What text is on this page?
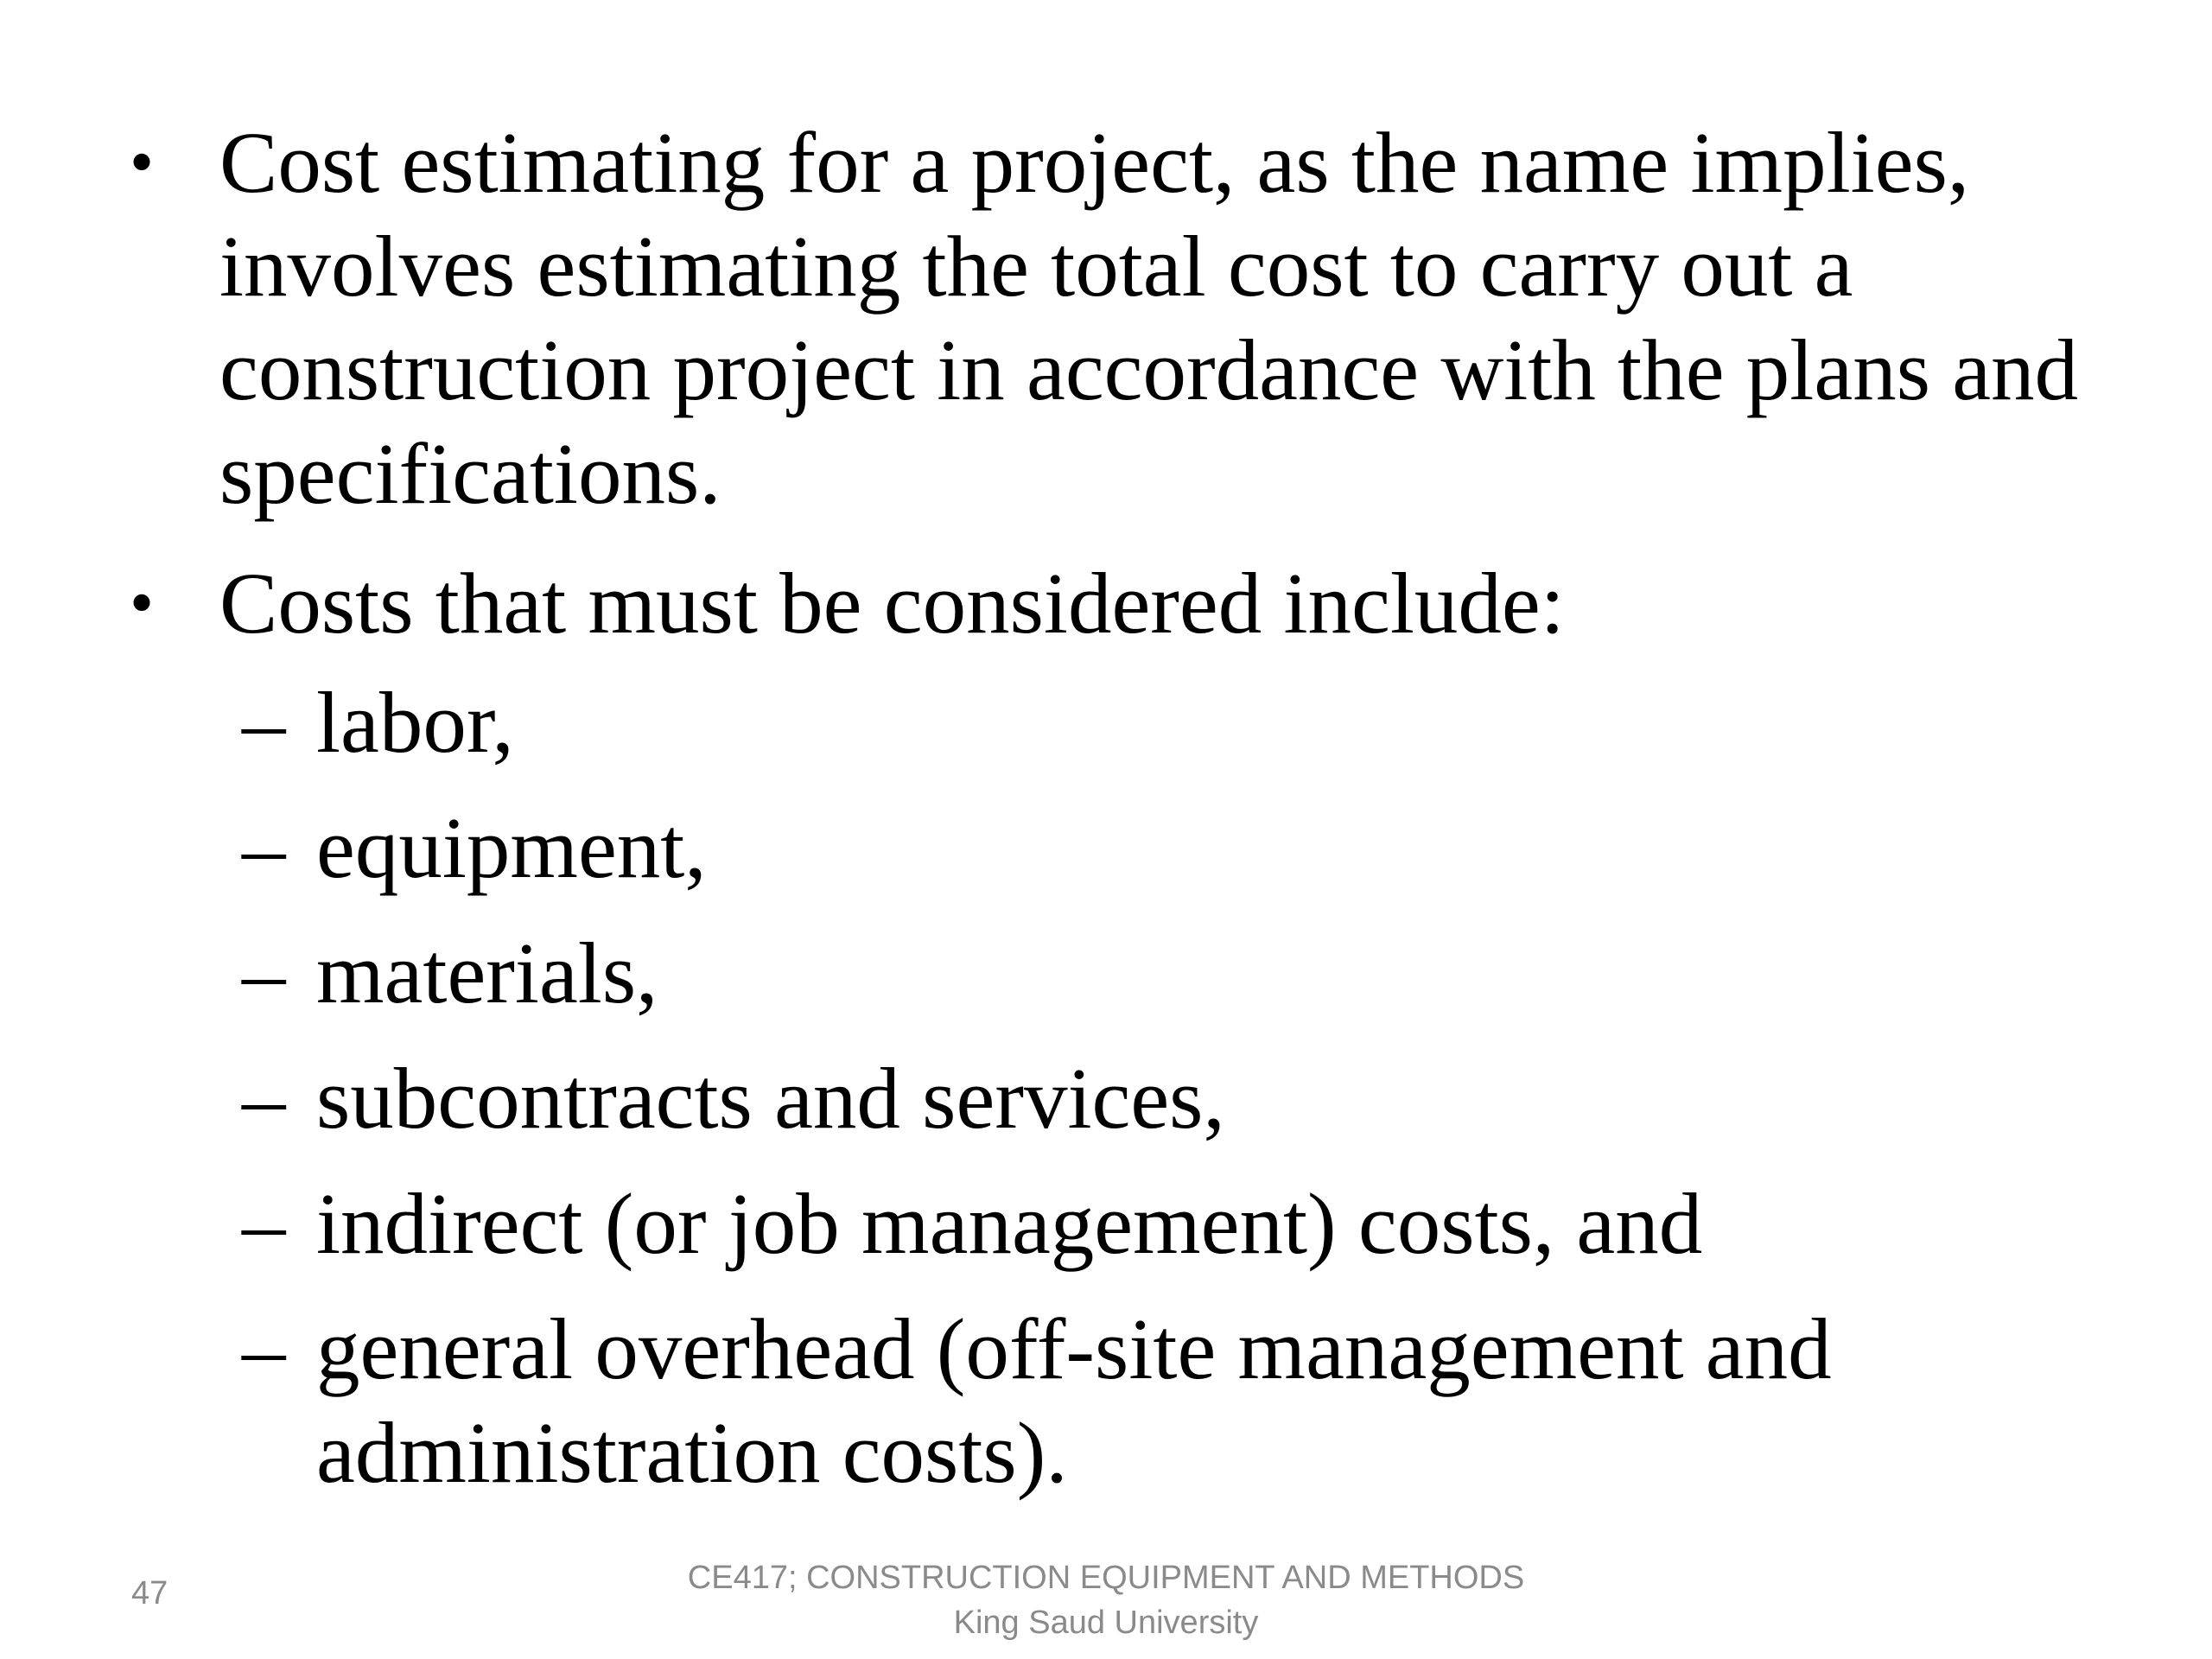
• Cost estimating for a project, as the name implies, involves estimating the total cost to carry out a construction project in accordance with the plans and specifications.

• Costs that must be considered include:

– labor,
– equipment,
– materials,
– subcontracts and services,
– indirect (or job management) costs, and
– general overhead (off-site management and administration costs).
47	CE417; CONSTRUCTION EQUIPMENT AND METHODS
King Saud University
